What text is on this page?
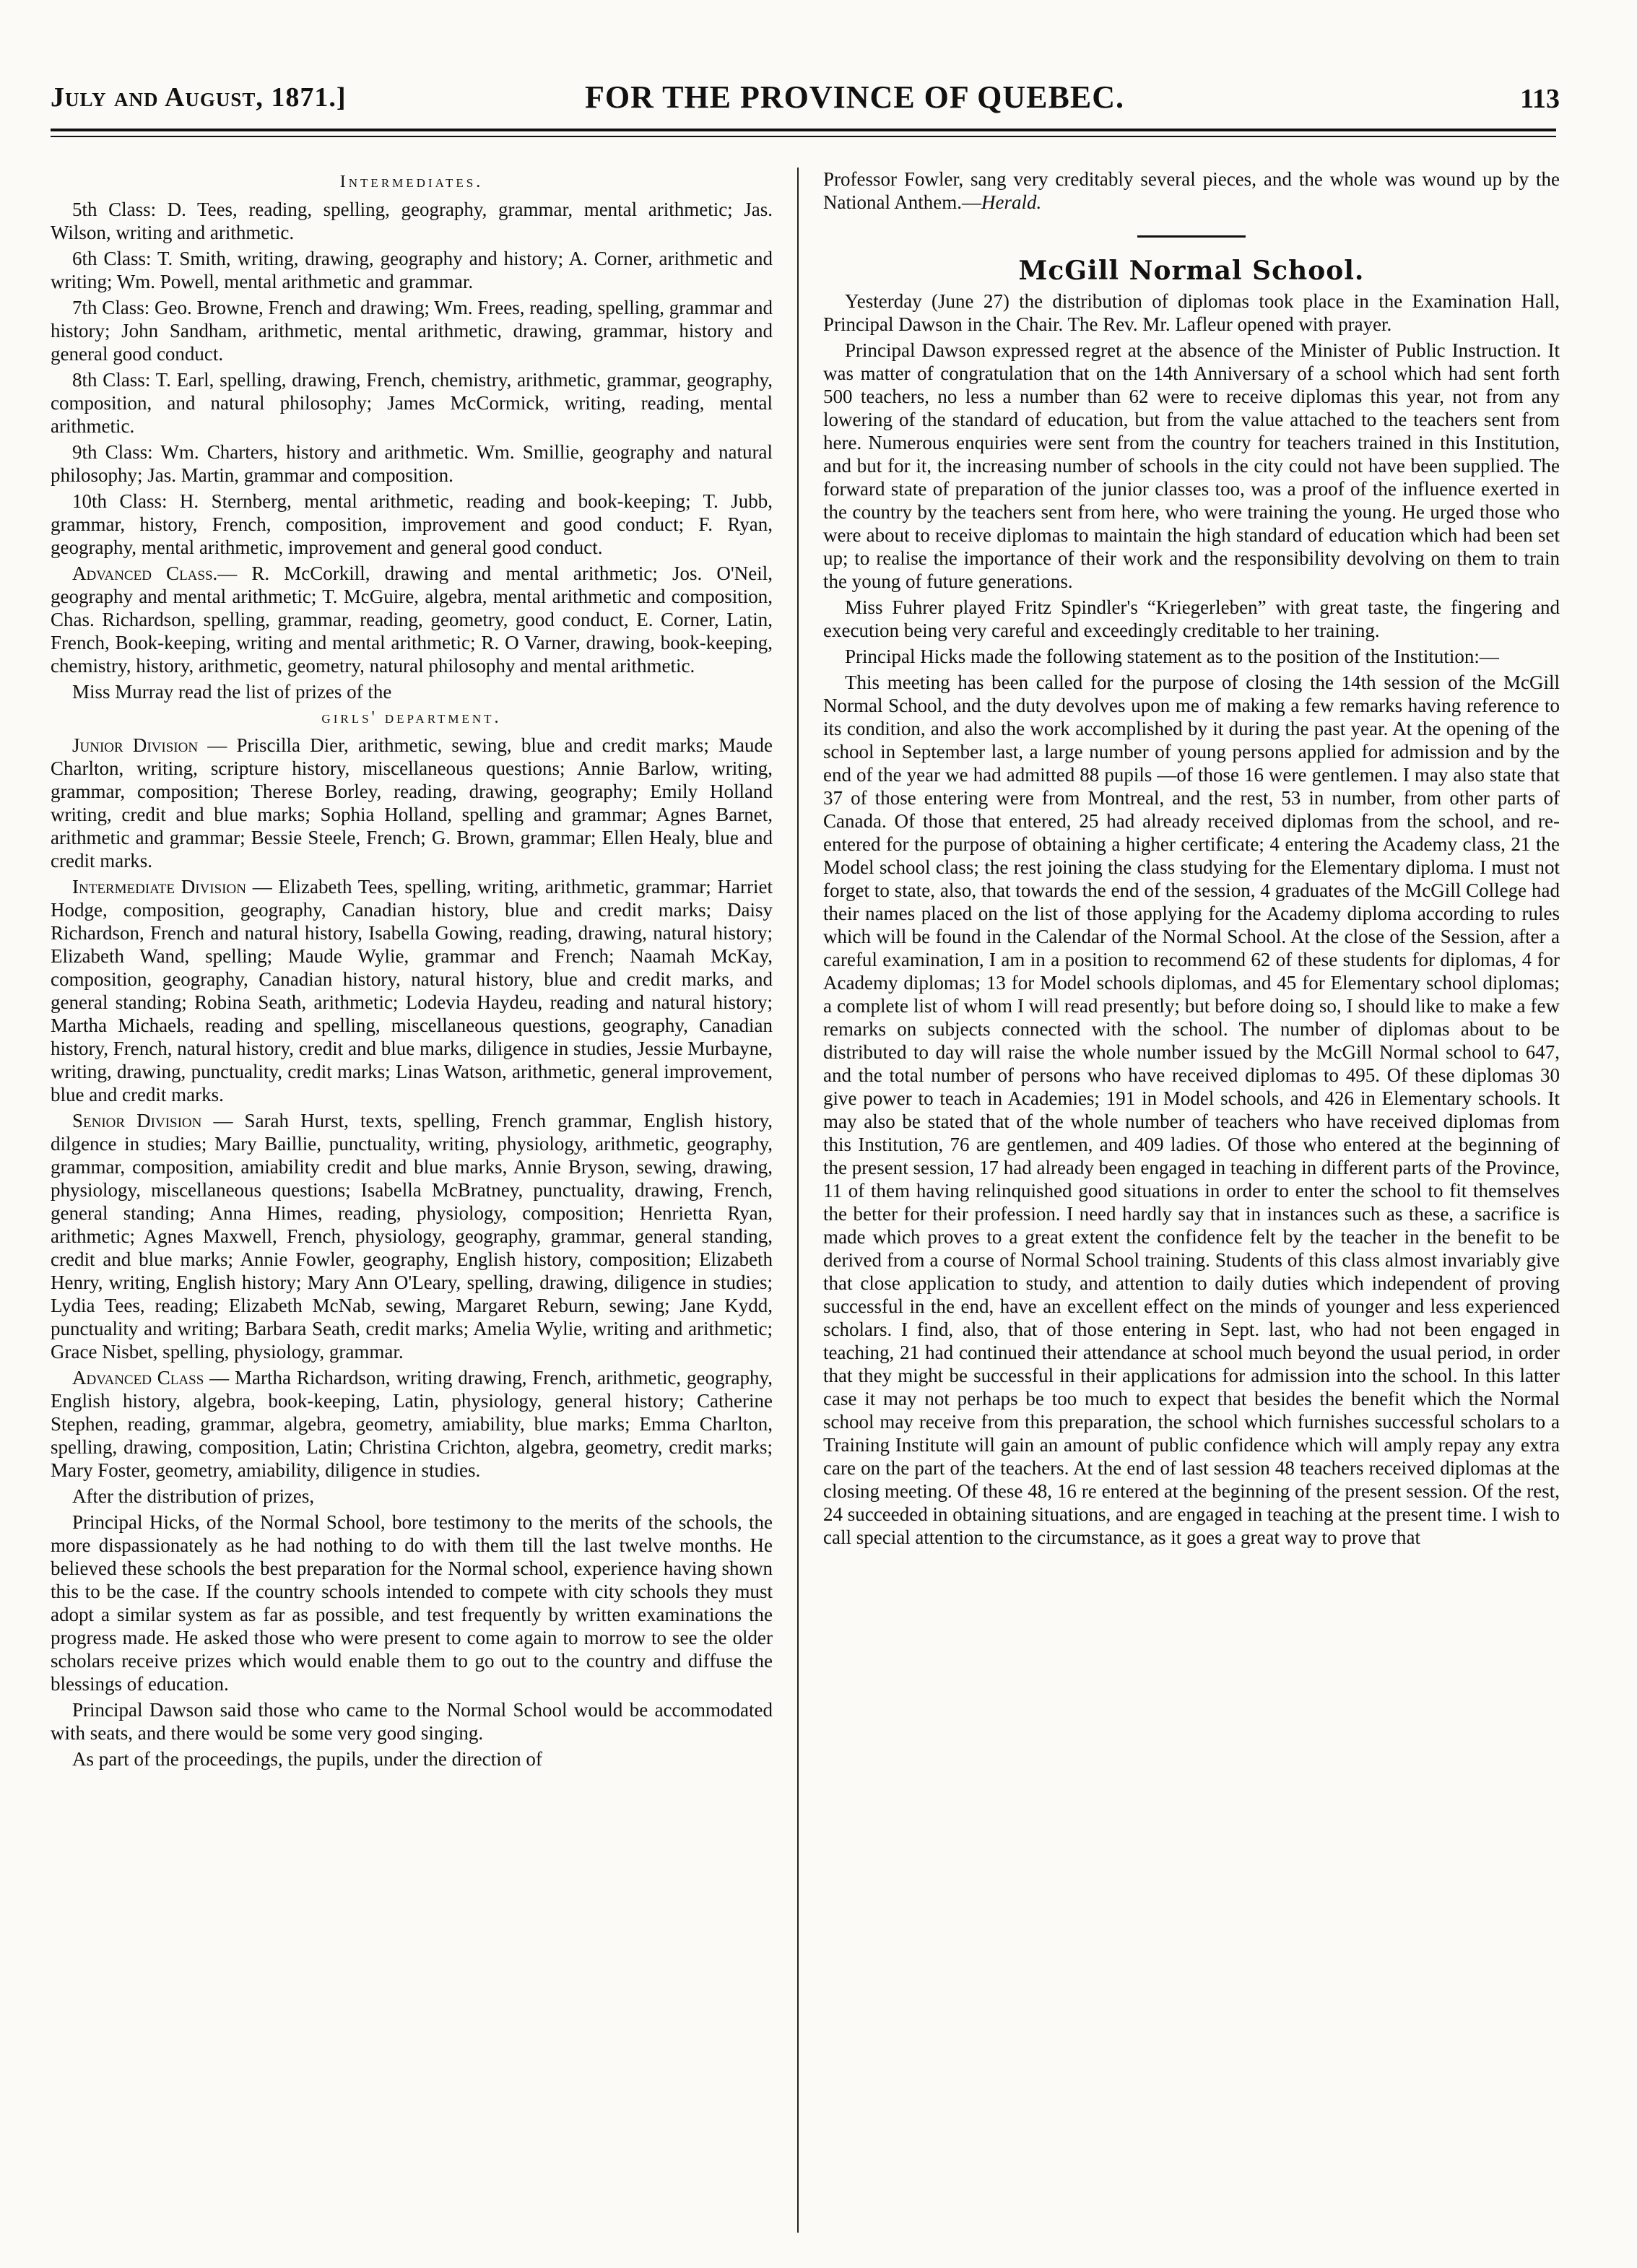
July and August, 1871.]	FOR THE PROVINCE OF QUEBEC.	113
Intermediates.

5th Class: D. Tees, reading, spelling, geography, grammar, mental arithmetic; Jas. Wilson, writing and arithmetic.

6th Class: T. Smith, writing, drawing, geography and history; A. Corner, arithmetic and writing; Wm. Powell, mental arithmetic and grammar.

7th Class: Geo. Browne, French and drawing; Wm. Frees, reading, spelling, grammar and history; John Sandham, arithmetic, mental arithmetic, drawing, grammar, history and general good conduct.

8th Class: T. Earl, spelling, drawing, French, chemistry, arithmetic, grammar, geography, composition, and natural philosophy; James McCormick, writing, reading, mental arithmetic.

9th Class: Wm. Charters, history and arithmetic. Wm. Smillie, geography and natural philosophy; Jas. Martin, grammar and composition.

10th Class: H. Sternberg, mental arithmetic, reading and book-keeping; T. Jubb, grammar, history, French, composition, improvement and good conduct; F. Ryan, geography, mental arithmetic, improvement and general good conduct.

Advanced Class.— R. McCorkill, drawing and mental arithmetic; Jos. O'Neil, geography and mental arithmetic; T. McGuire, algebra, mental arithmetic and composition, Chas. Richardson, spelling, grammar, reading, geometry, good conduct, E. Corner, Latin, French, Book-keeping, writing and mental arithmetic; R. O Varner, drawing, book-keeping, chemistry, history, arithmetic, geometry, natural philosophy and mental arithmetic.

Miss Murray read the list of prizes of the

girls' department.

Junior Division — Priscilla Dier, arithmetic, sewing, blue and credit marks; Maude Charlton, writing, scripture history, miscellaneous questions; Annie Barlow, writing, grammar, composition; Therese Borley, reading, drawing, geography; Emily Holland writing, credit and blue marks; Sophia Holland, spelling and grammar; Agnes Barnet, arithmetic and grammar; Bessie Steele, French; G. Brown, grammar; Ellen Healy, blue and credit marks.

Intermediate Division — Elizabeth Tees, spelling, writing, arithmetic, grammar; Harriet Hodge, composition, geography, Canadian history, blue and credit marks; Daisy Richardson, French and natural history, Isabella Gowing, reading, drawing, natural history; Elizabeth Wand, spelling; Maude Wylie, grammar and French; Naamah McKay, composition, geography, Canadian history, natural history, blue and credit marks, and general standing; Robina Seath, arithmetic; Lodevia Haydeu, reading and natural history; Martha Michaels, reading and spelling, miscellaneous questions, geography, Canadian history, French, natural history, credit and blue marks, diligence in studies, Jessie Murbayne, writing, drawing, punctuality, credit marks; Linas Watson, arithmetic, general improvement, blue and credit marks.

Senior Division — Sarah Hurst, texts, spelling, French grammar, English history, dilgence in studies; Mary Baillie, punctuality, writing, physiology, arithmetic, geography, grammar, composition, amiability credit and blue marks, Annie Bryson, sewing, drawing, physiology, miscellaneous questions; Isabella McBratney, punctuality, drawing, French, general standing; Anna Himes, reading, physiology, composition; Henrietta Ryan, arithmetic; Agnes Maxwell, French, physiology, geography, grammar, general standing, credit and blue marks; Annie Fowler, geography, English history, composition; Elizabeth Henry, writing, English history; Mary Ann O'Leary, spelling, drawing, diligence in studies; Lydia Tees, reading; Elizabeth McNab, sewing, Margaret Reburn, sewing; Jane Kydd, punctuality and writing; Barbara Seath, credit marks; Amelia Wylie, writing and arithmetic; Grace Nisbet, spelling, physiology, grammar.

Advanced Class — Martha Richardson, writing drawing, French, arithmetic, geography, English history, algebra, book-keeping, Latin, physiology, general history; Catherine Stephen, reading, grammar, algebra, geometry, amiability, blue marks; Emma Charlton, spelling, drawing, composition, Latin; Christina Crichton, algebra, geometry, credit marks; Mary Foster, geometry, amiability, diligence in studies.

After the distribution of prizes,

Principal Hicks, of the Normal School, bore testimony to the merits of the schools, the more dispassionately as he had nothing to do with them till the last twelve months. He believed these schools the best preparation for the Normal school, experience having shown this to be the case. If the country schools intended to compete with city schools they must adopt a similar system as far as possible, and test frequently by written examinations the progress made. He asked those who were present to come again to morrow to see the older scholars receive prizes which would enable them to go out to the country and diffuse the blessings of education.

Principal Dawson said those who came to the Normal School would be accommodated with seats, and there would be some very good singing.

As part of the proceedings, the pupils, under the direction of

Professor Fowler, sang very creditably several pieces, and the whole was wound up by the National Anthem.—Herald.

McGill Normal School.

Yesterday (June 27) the distribution of diplomas took place in the Examination Hall, Principal Dawson in the Chair. The Rev. Mr. Lafleur opened with prayer.

Principal Dawson expressed regret at the absence of the Minister of Public Instruction. It was matter of congratulation that on the 14th Anniversary of a school which had sent forth 500 teachers, no less a number than 62 were to receive diplomas this year, not from any lowering of the standard of education, but from the value attached to the teachers sent from here. Numerous enquiries were sent from the country for teachers trained in this Institution, and but for it, the increasing number of schools in the city could not have been supplied. The forward state of preparation of the junior classes too, was a proof of the influence exerted in the country by the teachers sent from here, who were training the young. He urged those who were about to receive diplomas to maintain the high standard of education which had been set up; to realise the importance of their work and the responsibility devolving on them to train the young of future generations.

Miss Fuhrer played Fritz Spindler's “Kriegerleben” with great taste, the fingering and execution being very careful and exceedingly creditable to her training.

Principal Hicks made the following statement as to the position of the Institution:—

This meeting has been called for the purpose of closing the 14th session of the McGill Normal School, and the duty devolves upon me of making a few remarks having reference to its condition, and also the work accomplished by it during the past year. At the opening of the school in September last, a large number of young persons applied for admission and by the end of the year we had admitted 88 pupils —of those 16 were gentlemen. I may also state that 37 of those entering were from Montreal, and the rest, 53 in number, from other parts of Canada. Of those that entered, 25 had already received diplomas from the school, and re-entered for the purpose of obtaining a higher certificate; 4 entering the Academy class, 21 the Model school class; the rest joining the class studying for the Elementary diploma. I must not forget to state, also, that towards the end of the session, 4 graduates of the McGill College had their names placed on the list of those applying for the Academy diploma according to rules which will be found in the Calendar of the Normal School. At the close of the Session, after a careful examination, I am in a position to recommend 62 of these students for diplomas, 4 for Academy diplomas; 13 for Model schools diplomas, and 45 for Elementary school diplomas; a complete list of whom I will read presently; but before doing so, I should like to make a few remarks on subjects connected with the school. The number of diplomas about to be distributed to day will raise the whole number issued by the McGill Normal school to 647, and the total number of persons who have received diplomas to 495. Of these diplomas 30 give power to teach in Academies; 191 in Model schools, and 426 in Elementary schools. It may also be stated that of the whole number of teachers who have received diplomas from this Institution, 76 are gentlemen, and 409 ladies. Of those who entered at the beginning of the present session, 17 had already been engaged in teaching in different parts of the Province, 11 of them having relinquished good situations in order to enter the school to fit themselves the better for their profession. I need hardly say that in instances such as these, a sacrifice is made which proves to a great extent the confidence felt by the teacher in the benefit to be derived from a course of Normal School training. Students of this class almost invariably give that close application to study, and attention to daily duties which independent of proving successful in the end, have an excellent effect on the minds of younger and less experienced scholars. I find, also, that of those entering in Sept. last, who had not been engaged in teaching, 21 had continued their attendance at school much beyond the usual period, in order that they might be successful in their applications for admission into the school. In this latter case it may not perhaps be too much to expect that besides the benefit which the Normal school may receive from this preparation, the school which furnishes successful scholars to a Training Institute will gain an amount of public confidence which will amply repay any extra care on the part of the teachers. At the end of last session 48 teachers received diplomas at the closing meeting. Of these 48, 16 re entered at the beginning of the present session. Of the rest, 24 succeeded in obtaining situations, and are engaged in teaching at the present time. I wish to call special attention to the circumstance, as it goes a great way to prove that
